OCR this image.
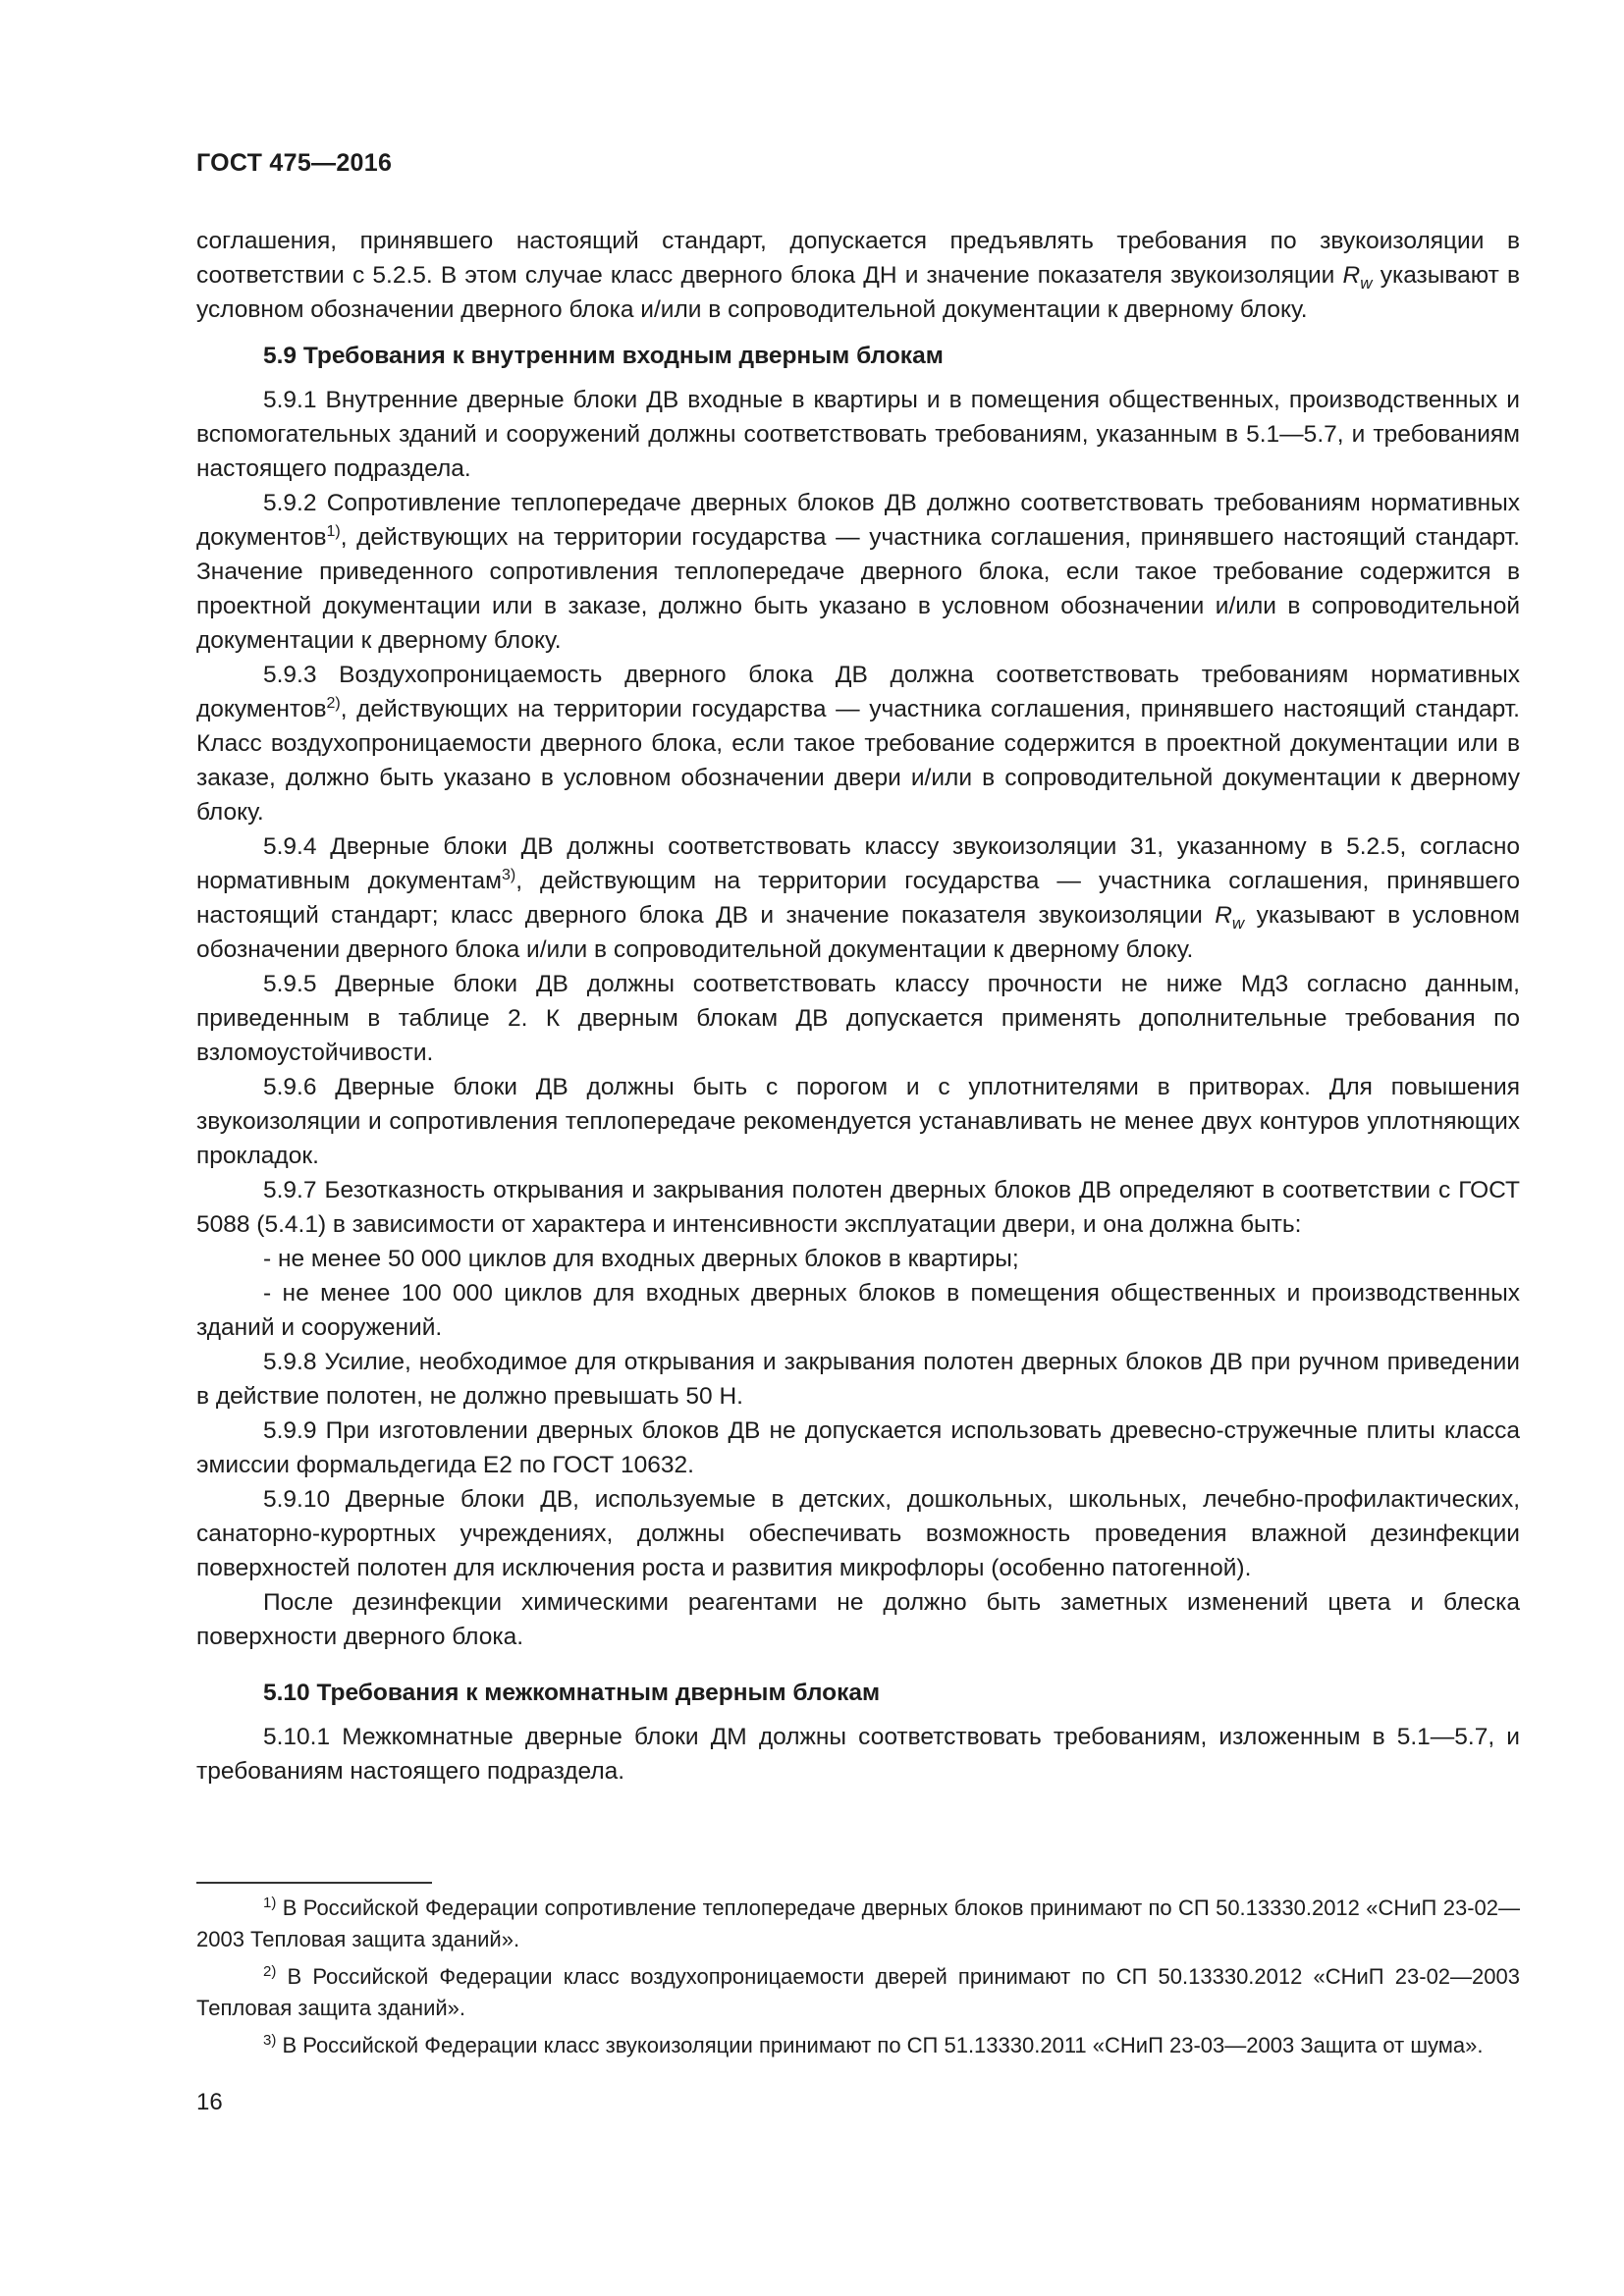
ГОСТ 475—2016

соглашения, принявшего настоящий стандарт, допускается предъявлять требования по звукоизоляции в соответствии с 5.2.5. В этом случае класс дверного блока ДН и значение показателя звукоизоляции $R_w$ указывают в условном обозначении дверного блока и/или в сопроводительной документации к дверному блоку.

5.9 Требования к внутренним входным дверным блокам

5.9.1 Внутренние дверные блоки ДВ входные в квартиры и в помещения общественных, производственных и вспомогательных зданий и сооружений должны соответствовать требованиям, указанным в 5.1—5.7, и требованиям настоящего подраздела.

5.9.2 Сопротивление теплопередаче дверных блоков ДВ должно соответствовать требованиям нормативных документов$^{1)}$, действующих на территории государства — участника соглашения, принявшего настоящий стандарт. Значение приведенного сопротивления теплопередаче дверного блока, если такое требование содержится в проектной документации или в заказе, должно быть указано в условном обозначении и/или в сопроводительной документации к дверному блоку.

5.9.3 Воздухопроницаемость дверного блока ДВ должна соответствовать требованиям нормативных документов$^{2)}$, действующих на территории государства — участника соглашения, принявшего настоящий стандарт. Класс воздухопроницаемости дверного блока, если такое требование содержится в проектной документации или в заказе, должно быть указано в условном обозначении двери и/или в сопроводительной документации к дверному блоку.

5.9.4 Дверные блоки ДВ должны соответствовать классу звукоизоляции 31, указанному в 5.2.5, согласно нормативным документам$^{3)}$, действующим на территории государства — участника соглашения, принявшего настоящий стандарт; класс дверного блока ДВ и значение показателя звукоизоляции $R_w$ указывают в условном обозначении дверного блока и/или в сопроводительной документации к дверному блоку.

5.9.5 Дверные блоки ДВ должны соответствовать классу прочности не ниже Мд3 согласно данным, приведенным в таблице 2. К дверным блокам ДВ допускается применять дополнительные требования по взломоустойчивости.

5.9.6 Дверные блоки ДВ должны быть с порогом и с уплотнителями в притворах. Для повышения звукоизоляции и сопротивления теплопередаче рекомендуется устанавливать не менее двух контуров уплотняющих прокладок.

5.9.7 Безотказность открывания и закрывания полотен дверных блоков ДВ определяют в соответствии с ГОСТ 5088 (5.4.1) в зависимости от характера и интенсивности эксплуатации двери, и она должна быть:

- не менее 50 000 циклов для входных дверных блоков в квартиры;

- не менее 100 000 циклов для входных дверных блоков в помещения общественных и производственных зданий и сооружений.

5.9.8 Усилие, необходимое для открывания и закрывания полотен дверных блоков ДВ при ручном приведении в действие полотен, не должно превышать 50 Н.

5.9.9 При изготовлении дверных блоков ДВ не допускается использовать древесно-стружечные плиты класса эмиссии формальдегида Е2 по ГОСТ 10632.

5.9.10 Дверные блоки ДВ, используемые в детских, дошкольных, школьных, лечебно-профилактических, санаторно-курортных учреждениях, должны обеспечивать возможность проведения влажной дезинфекции поверхностей полотен для исключения роста и развития микрофлоры (особенно патогенной).

После дезинфекции химическими реагентами не должно быть заметных изменений цвета и блеска поверхности дверного блока.

5.10 Требования к межкомнатным дверным блокам

5.10.1 Межкомнатные дверные блоки ДМ должны соответствовать требованиям, изложенным в 5.1—5.7, и требованиям настоящего подраздела.

$^{1)}$ В Российской Федерации сопротивление теплопередаче дверных блоков принимают по СП 50.13330.2012 «СНиП 23-02—2003 Тепловая защита зданий».

$^{2)}$ В Российской Федерации класс воздухопроницаемости дверей принимают по СП 50.13330.2012 «СНиП 23-02—2003 Тепловая защита зданий».

$^{3)}$ В Российской Федерации класс звукоизоляции принимают по СП 51.13330.2011 «СНиП 23-03—2003 Защита от шума».

16
